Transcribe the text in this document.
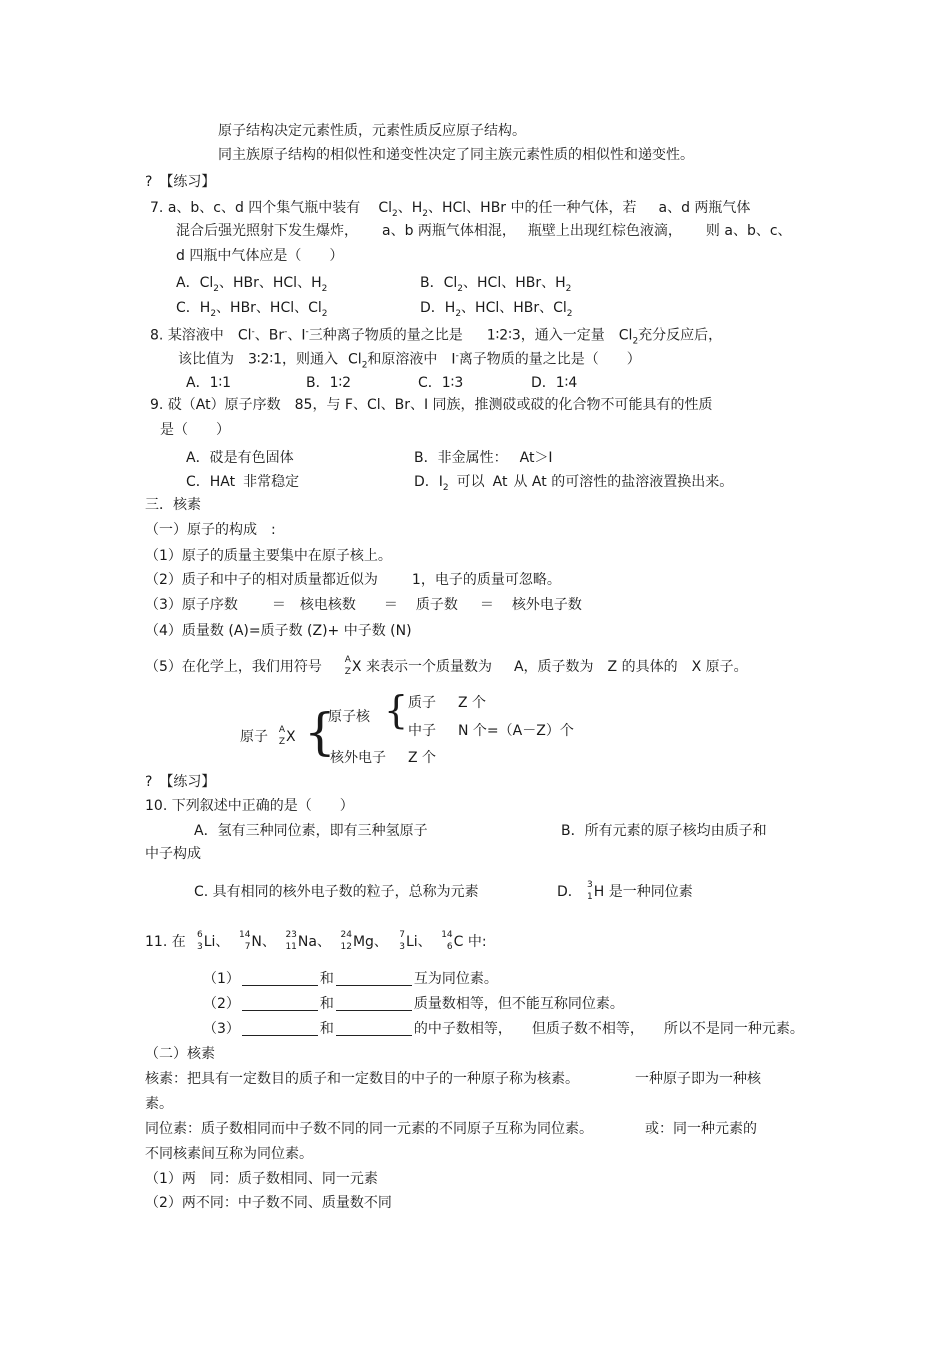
原子结构决定元素性质，元素性质反应原子结构。
同主族原子结构的相似性和递变性决定了同主族元素性质的相似性和递变性。
?　【练习】
7. a、b、c、d 四个集气瓶中装有 $Cl_2$、$H_2$、HCl、HBr 中的任一种气体，若 a、d 两瓶气体
混合后强光照射下发生爆炸， a、b 两瓶气体相混， 瓶壁上出现红棕色液滴， 则 a、b、c、
d 四瓶中气体应是（　　）
A．$Cl_2$、HBr、HCl、$H_2$	B．$Cl_2$、HCl、HBr、$H_2$
C．$H_2$、HBr、HCl、$Cl_2$	D．$H_2$、HCl、HBr、$Cl_2$
8. 某溶液中 Cl-、Br-、I-三种离子物质的量之比是 1∶2∶3，通入一定量 $Cl_2$充分反应后，
该比值为 3∶2∶1，则通入 $Cl_2$和原溶液中 I-离子物质的量之比是（　　）
A．1∶1	B．1∶2	C．1∶3	D．1∶4
9. 砹（At）原子序数 85，与 F、Cl、Br、I 同族，推测砹或砹的化合物不可能具有的性质
是（　　）
A．砹是有色固体	B．非金属性： At＞I
C．HAt 非常稳定	D．$I_2$ 可以 At 从 At 的可溶性的盐溶液置换出来。
三．核素
（一）原子的构成　:
（1）原子的质量主要集中在原子核上。
（2）质子和中子的相对质量都近似为 1，电子的质量可忽略。
（3）原子序数 ＝ 核电核数 ＝ 质子数 ＝ 核外电子数
（4）质量数 (A)=质子数 (Z)+ 中子数 (N)
（5）在化学上，我们用符号	A
Z X 来表示一个质量数为 A，质子数为 Z 的具体的 X 原子。
原子 A
Z X {
原子核 { 质子 Z 个
中子 N 个=（A－Z）个
核外电子 Z 个
?　【练习】
10. 下列叙述中正确的是（　　）
A．氢有三种同位素，即有三种氢原子	B．所有元素的原子核均由质子和
中子构成
C. 具有相同的核外电子数的粒子，总称为元素	D． 3
1 H 是一种同位素
11. 在 6
3 Li、 14
7 N、 23
11 Na、 24
12 Mg、 7
3 Li、 14
6 C 中:
（1）	和	互为同位素。
（2）	和	质量数相等，但不能互称同位素。
（3）	和	的中子数相等， 但质子数不相等， 所以不是同一种元素。
（二）核素
核素：把具有一定数目的质子和一定数目的中子的一种原子称为核素。	一种原子即为一种核
素。
同位素：质子数相同而中子数不同的同一元素的不同原子互称为同位素。	或：同一种元素的
不同核素间互称为同位素。
（1）两　同：质子数相同、同一元素
（2）两不同：中子数不同、质量数不同
